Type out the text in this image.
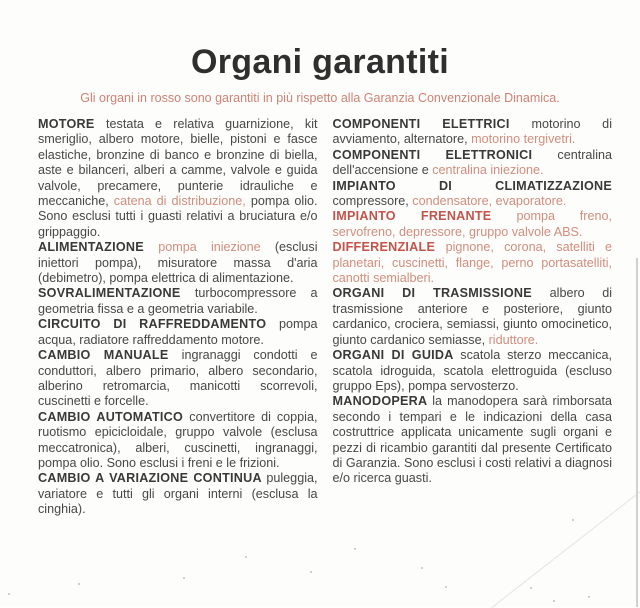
Organi garantiti

Gli organi in rosso sono garantiti in più rispetto alla Garanzia Convenzionale Dinamica.

MOTORE testata e relativa guarnizione, kit smeriglio, albero motore, bielle, pistoni e fasce elastiche, bronzine di banco e bronzine di biella, aste e bilanceri, alberi a camme, valvole e guida valvole, precamere, punterie idrauliche e meccaniche, catena di distribuzione, pompa olio. Sono esclusi tutti i guasti relativi a bruciatura e/o grippaggio.

ALIMENTAZIONE pompa iniezione (esclusi iniettori pompa), misuratore massa d'aria (debimetro), pompa elettrica di alimentazione.

SOVRALIMENTAZIONE turbocompressore a geometria fissa e a geometria variabile.

CIRCUITO DI RAFFREDDAMENTO pompa acqua, radiatore raffreddamento motore.

CAMBIO MANUALE ingranaggi condotti e conduttori, albero primario, albero secondario, alberino retromarcia, manicotti scorrevoli, cuscinetti e forcelle.

CAMBIO AUTOMATICO convertitore di coppia, ruotismo epicicloidale, gruppo valvole (esclusa meccatronica), alberi, cuscinetti, ingranaggi, pompa olio. Sono esclusi i freni e le frizioni.

CAMBIO A VARIAZIONE CONTINUA puleggia, variatore e tutti gli organi interni (esclusa la cinghia).

COMPONENTI ELETTRICI motorino di avviamento, alternatore, motorino tergivetri.

COMPONENTI ELETTRONICI centralina dell'accensione e centralina iniezione.

IMPIANTO DI CLIMATIZZAZIONE compressore, condensatore, evaporatore.

IMPIANTO FRENANTE pompa freno, servofreno, depressore, gruppo valvole ABS.

DIFFERENZIALE pignone, corona, satelliti e planetari, cuscinetti, flange, perno portasatelliti, canotti semialberi.

ORGANI DI TRASMISSIONE albero di trasmissione anteriore e posteriore, giunto cardanico, crociera, semiassi, giunto omocinetico, giunto cardanico semiasse, riduttore.

ORGANI DI GUIDA scatola sterzo meccanica, scatola idroguida, scatola elettroguida (escluso gruppo Eps), pompa servosterzo.

MANODOPERA la manodopera sarà rimborsata secondo i tempari e le indicazioni della casa costruttrice applicata unicamente sugli organi e pezzi di ricambio garantiti dal presente Certificato di Garanzia. Sono esclusi i costi relativi a diagnosi e/o ricerca guasti.
